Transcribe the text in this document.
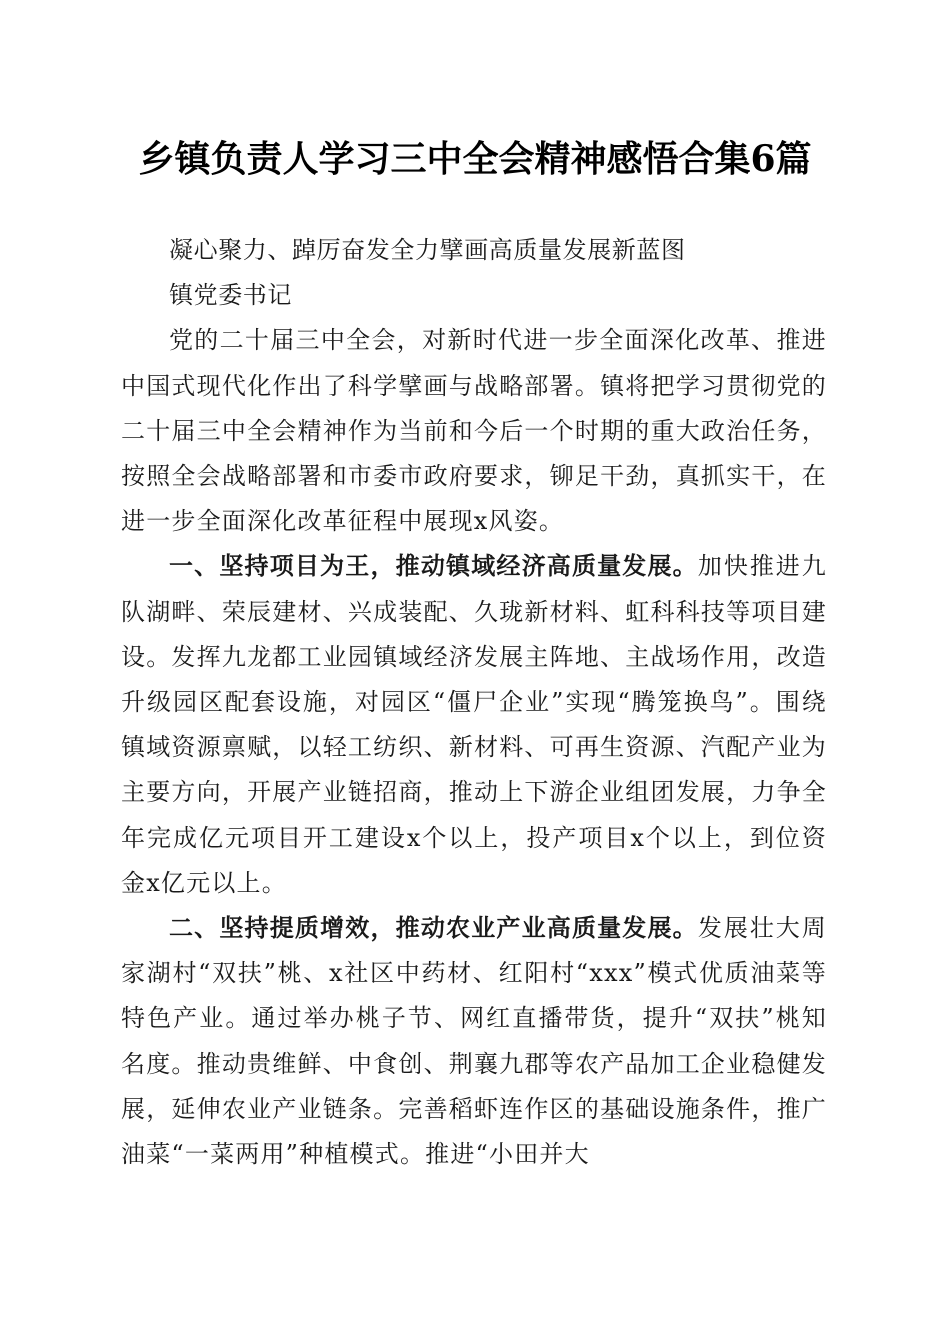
乡镇负责人学习三中全会精神感悟合集6篇

凝心聚力、踔厉奋发全力擘画高质量发展新蓝图

镇党委书记

党的二十届三中全会，对新时代进一步全面深化改革、推进中国式现代化作出了科学擘画与战略部署。镇将把学习贯彻党的二十届三中全会精神作为当前和今后一个时期的重大政治任务，按照全会战略部署和市委市政府要求，铆足干劲，真抓实干，在进一步全面深化改革征程中展现x风姿。

一、坚持项目为王，推动镇域经济高质量发展。加快推进九队湖畔、荣辰建材、兴成装配、久珑新材料、虹科科技等项目建设。发挥九龙都工业园镇域经济发展主阵地、主战场作用，改造升级园区配套设施，对园区“僵尸企业”实现“腾笼换鸟”。围绕镇域资源禀赋，以轻工纺织、新材料、可再生资源、汽配产业为主要方向，开展产业链招商，推动上下游企业组团发展，力争全年完成亿元项目开工建设x个以上，投产项目x个以上，到位资金x亿元以上。

二、坚持提质增效，推动农业产业高质量发展。发展壮大周家湖村“双扶”桃、x社区中药材、红阳村“xxx”模式优质油菜等特色产业。通过举办桃子节、网红直播带货，提升“双扶”桃知名度。推动贵维鲜、中食创、荆襄九郡等农产品加工企业稳健发展，延伸农业产业链条。完善稻虾连作区的基础设施条件，推广油菜“一菜两用”种植模式。推进“小田并大
